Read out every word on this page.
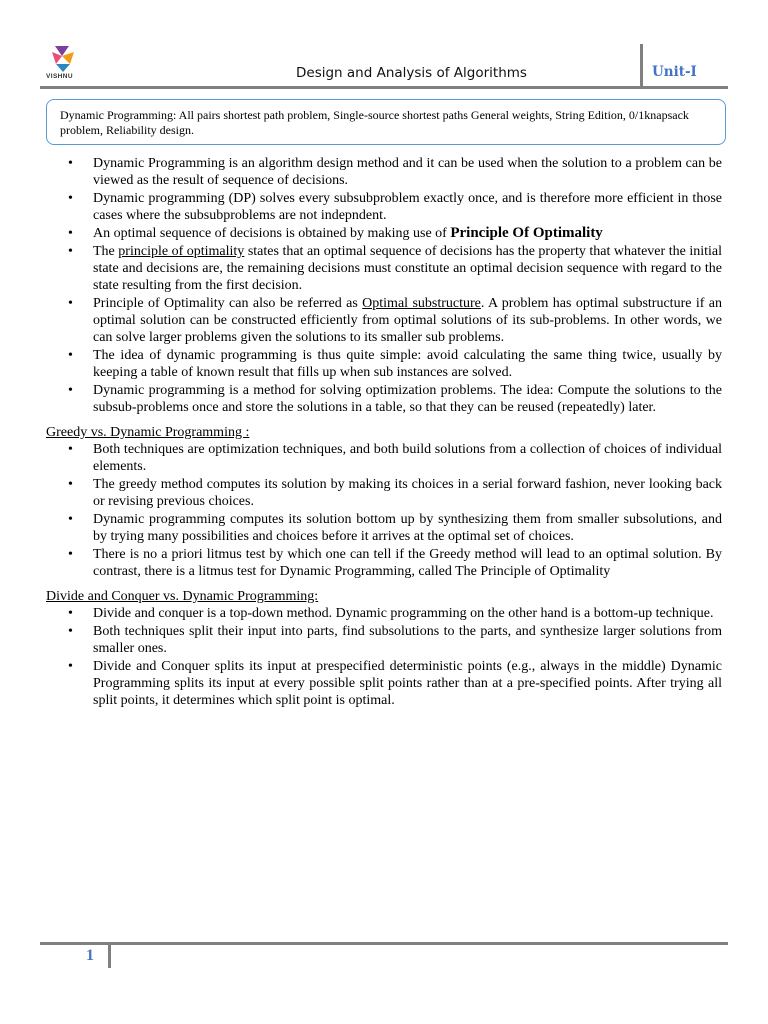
VISHNU	Design and Analysis of Algorithms	Unit-I
Dynamic Programming: All pairs shortest path problem, Single-source shortest paths General weights, String Edition, 0/1knapsack problem, Reliability design.
• Dynamic Programming is an algorithm design method and it can be used when the solution to a problem can be viewed as the result of sequence of decisions.
• Dynamic programming (DP) solves every subsubproblem exactly once, and is therefore more efficient in those cases where the subsubproblems are not indepndent.
• An optimal sequence of decisions is obtained by making use of Principle Of Optimality
• The principle of optimality states that an optimal sequence of decisions has the property that whatever the initial state and decisions are, the remaining decisions must constitute an optimal decision sequence with regard to the state resulting from the first decision.
• Principle of Optimality can also be referred as Optimal substructure. A problem has optimal substructure if an optimal solution can be constructed efficiently from optimal solutions of its sub-problems. In other words, we can solve larger problems given the solutions to its smaller sub problems.
• The idea of dynamic programming is thus quite simple: avoid calculating the same thing twice, usually by keeping a table of known result that fills up when sub instances are solved.
• Dynamic programming is a method for solving optimization problems. The idea: Compute the solutions to the subsub-problems once and store the solutions in a table, so that they can be reused (repeatedly) later.
Greedy vs. Dynamic Programming :
• Both techniques are optimization techniques, and both build solutions from a collection of choices of individual elements.
• The greedy method computes its solution by making its choices in a serial forward fashion, never looking back or revising previous choices.
• Dynamic programming computes its solution bottom up by synthesizing them from smaller subsolutions, and by trying many possibilities and choices before it arrives at the optimal set of choices.
• There is no a priori litmus test by which one can tell if the Greedy method will lead to an optimal solution. By contrast, there is a litmus test for Dynamic Programming, called The Principle of Optimality
Divide and Conquer vs. Dynamic Programming:
• Divide and conquer is a top-down method. Dynamic programming on the other hand is a bottom-up technique.
• Both techniques split their input into parts, find subsolutions to the parts, and synthesize larger solutions from smaller ones.
• Divide and Conquer splits its input at prespecified deterministic points (e.g., always in the middle) Dynamic Programming splits its input at every possible split points rather than at a pre-specified points. After trying all split points, it determines which split point is optimal.
1
